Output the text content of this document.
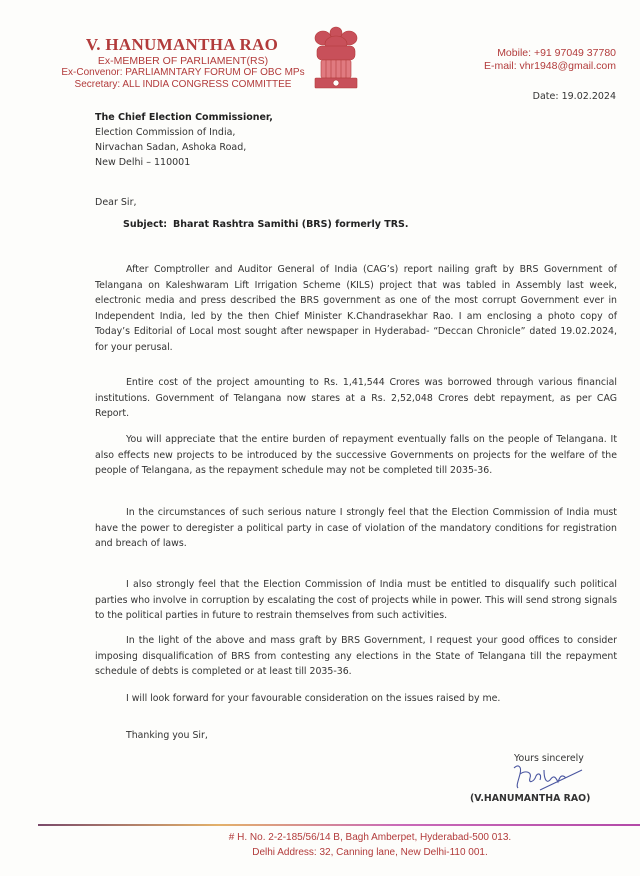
V. HANUMANTHA RAO
Ex-MEMBER OF PARLIAMENT(RS)
Ex-Convenor: PARLIAMNTARY FORUM OF OBC MPs
Secretary: ALL INDIA CONGRESS COMMITTEE
Mobile: +91 97049 37780
E-mail: vhr1948@gmail.com
Date: 19.02.2024
The Chief Election Commissioner,
Election Commission of India,
Nirvachan Sadan, Ashoka Road,
New Delhi – 110001
Dear Sir,
Subject: Bharat Rashtra Samithi (BRS) formerly TRS.
After Comptroller and Auditor General of India (CAG’s) report nailing graft by BRS Government of Telangana on Kaleshwaram Lift Irrigation Scheme (KILS) project that was tabled in Assembly last week, electronic media and press described the BRS government as one of the most corrupt Government ever in Independent India, led by the then Chief Minister K.Chandrasekhar Rao. I am enclosing a photo copy of Today’s Editorial of Local most sought after newspaper in Hyderabad- “Deccan Chronicle” dated 19.02.2024, for your perusal.
Entire cost of the project amounting to Rs. 1,41,544 Crores was borrowed through various financial institutions. Government of Telangana now stares at a Rs. 2,52,048 Crores debt repayment, as per CAG Report.
You will appreciate that the entire burden of repayment eventually falls on the people of Telangana. It also effects new projects to be introduced by the successive Governments on projects for the welfare of the people of Telangana, as the repayment schedule may not be completed till 2035-36.
In the circumstances of such serious nature I strongly feel that the Election Commission of India must have the power to deregister a political party in case of violation of the mandatory conditions for registration and breach of laws.
I also strongly feel that the Election Commission of India must be entitled to disqualify such political parties who involve in corruption by escalating the cost of projects while in power. This will send strong signals to the political parties in future to restrain themselves from such activities.
In the light of the above and mass graft by BRS Government, I request your good offices to consider imposing disqualification of BRS from contesting any elections in the State of Telangana till the repayment schedule of debts is completed or at least till 2035-36.
I will look forward for your favourable consideration on the issues raised by me.
Thanking you Sir,
Yours sincerely
(V.HANUMANTHA RAO)
# H. No. 2-2-185/56/14 B, Bagh Amberpet, Hyderabad-500 013.
Delhi Address: 32, Canning lane, New Delhi-110 001.
